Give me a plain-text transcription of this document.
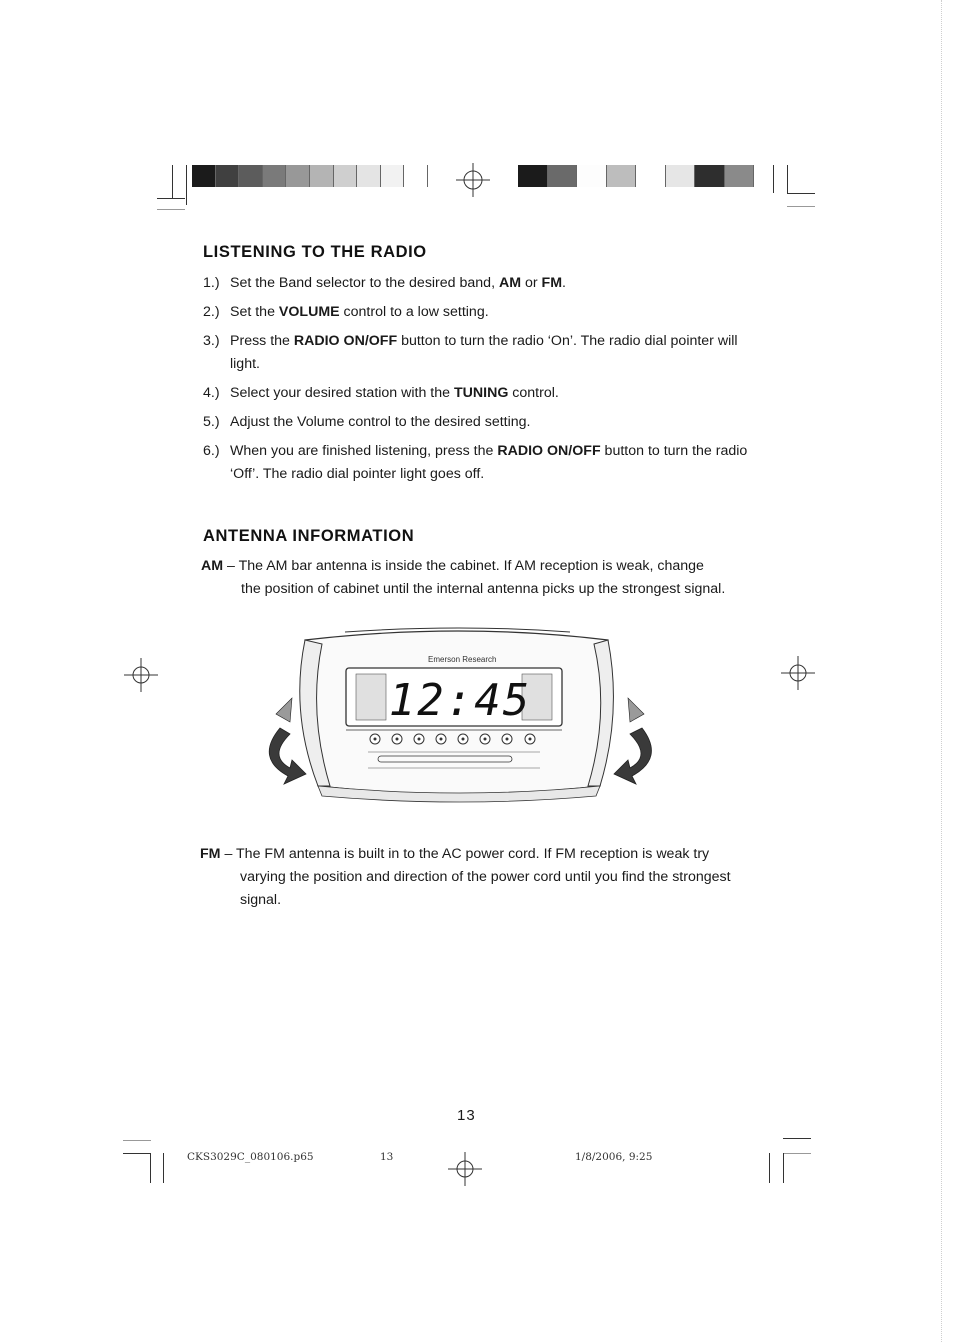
LISTENING TO THE RADIO
1.) Set the Band selector to the desired band, AM or FM.
2.) Set the VOLUME control to a low setting.
3.) Press the RADIO ON/OFF button to turn the radio ‘On’. The radio dial pointer will light.
4.) Select your desired station with the TUNING control.
5.) Adjust the Volume control to the desired setting.
6.) When you are finished listening, press the RADIO ON/OFF button to turn the radio ‘Off’. The radio dial pointer light goes off.
ANTENNA INFORMATION
AM – The AM bar antenna is inside the cabinet. If AM reception is weak, change
the position of cabinet until the internal antenna picks up the strongest signal.
Emerson Research
12:45
FM – The FM antenna is built in to the AC power cord. If FM reception is weak try
varying the position and direction of the power cord until you find the strongest
signal.
13
CKS3029C_080106.p65	13	1/8/2006, 9:25
